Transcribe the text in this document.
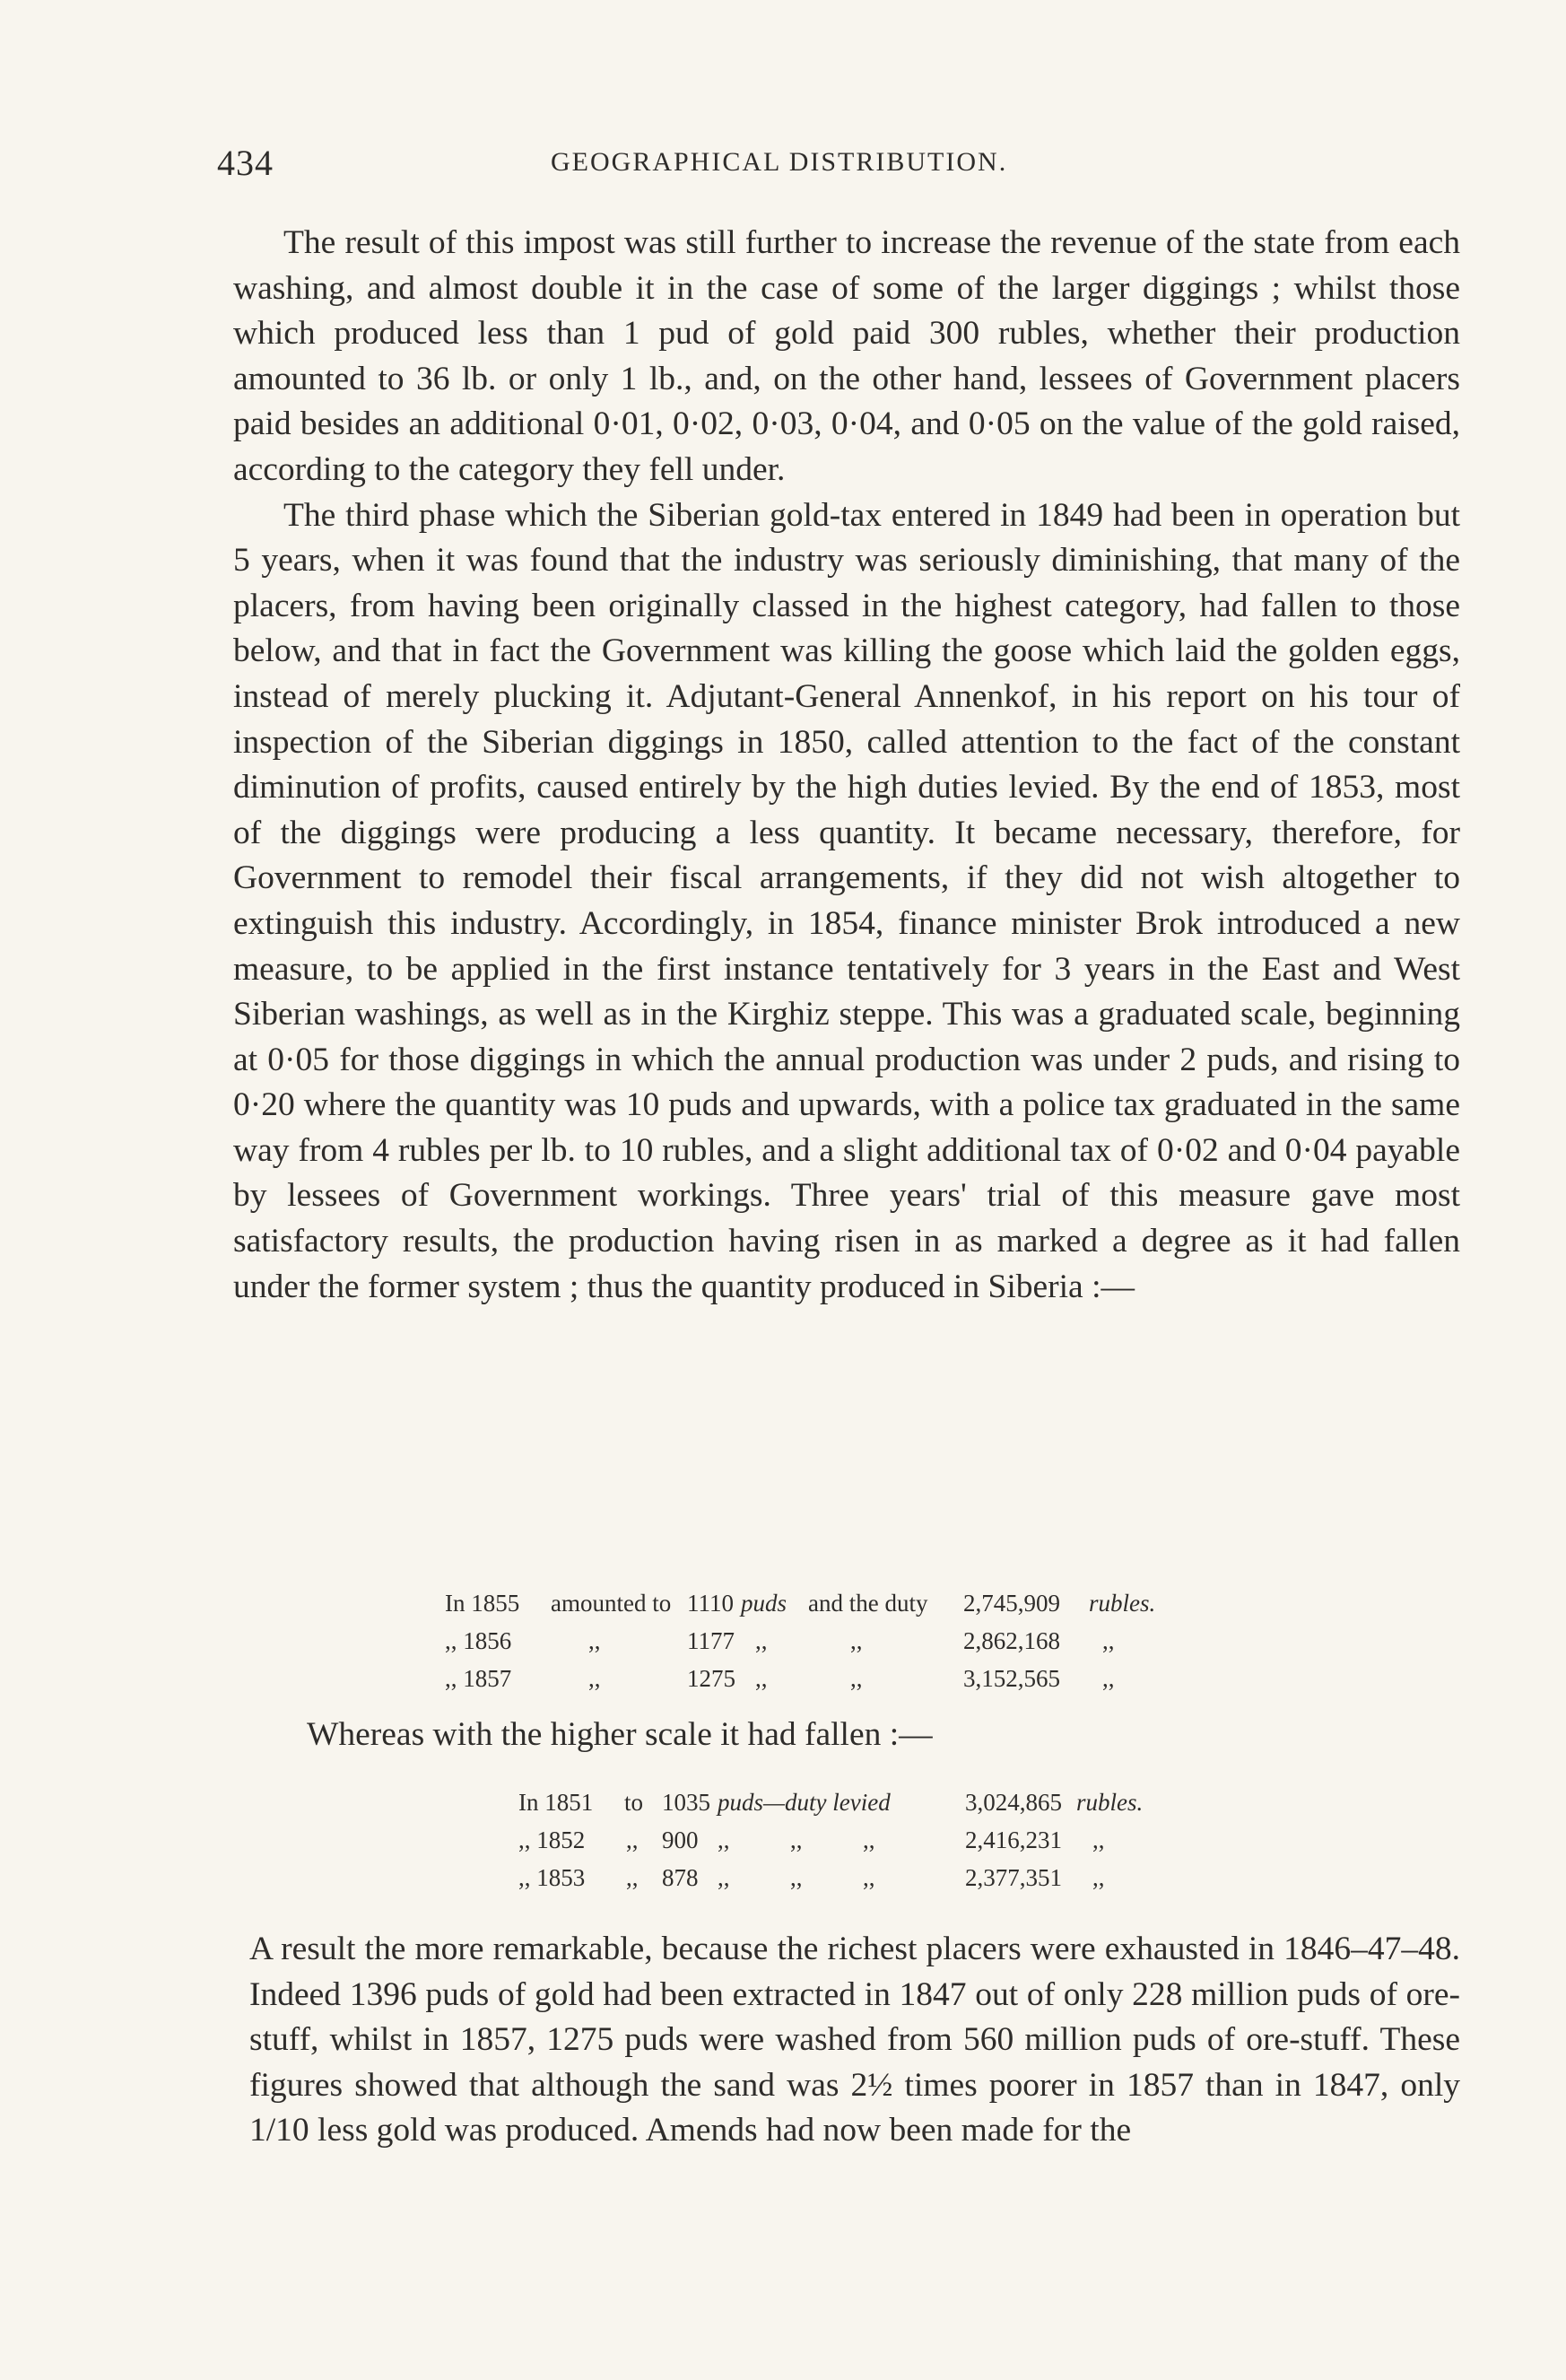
434	GEOGRAPHICAL DISTRIBUTION.

The result of this impost was still further to increase the revenue of the state from each washing, and almost double it in the case of some of the larger diggings ; whilst those which produced less than 1 pud of gold paid 300 rubles, whether their production amounted to 36 lb. or only 1 lb., and, on the other hand, lessees of Government placers paid besides an additional 0·01, 0·02, 0·03, 0·04, and 0·05 on the value of the gold raised, according to the category they fell under.

The third phase which the Siberian gold-tax entered in 1849 had been in operation but 5 years, when it was found that the industry was seriously diminishing, that many of the placers, from having been originally classed in the highest category, had fallen to those below, and that in fact the Government was killing the goose which laid the golden eggs, instead of merely plucking it. Adjutant-General Annenkof, in his report on his tour of inspection of the Siberian diggings in 1850, called attention to the fact of the constant diminution of profits, caused entirely by the high duties levied. By the end of 1853, most of the diggings were producing a less quantity. It became necessary, therefore, for Government to remodel their fiscal arrangements, if they did not wish altogether to extinguish this industry. Accordingly, in 1854, finance minister Brok introduced a new measure, to be applied in the first instance tentatively for 3 years in the East and West Siberian washings, as well as in the Kirghiz steppe. This was a graduated scale, beginning at 0·05 for those diggings in which the annual production was under 2 puds, and rising to 0·20 where the quantity was 10 puds and upwards, with a police tax graduated in the same way from 4 rubles per lb. to 10 rubles, and a slight additional tax of 0·02 and 0·04 payable by lessees of Government workings. Three years' trial of this measure gave most satisfactory results, the production having risen in as marked a degree as it had fallen under the former system ; thus the quantity produced in Siberia :—

In 1855 amounted to 1110 puds and the duty 2,745,909 rubles.
,, 1856	,,	1177 ,,	,,	2,862,168 ,,
,, 1857	,,	1275 ,,	,,	3,152,565 ,,
Whereas with the higher scale it had fallen :—
In 1851 to 1035 puds—duty levied	3,024,865 rubles.
,, 1852 ,, 900 ,,          ,,          ,,	2,416,231 ,,
,, 1853 ,, 878 ,,          ,,          ,,	2,377,351 ,,

A result the more remarkable, because the richest placers were exhausted in 1846–47–48. Indeed 1396 puds of gold had been extracted in 1847 out of only 228 million puds of ore-stuff, whilst in 1857, 1275 puds were washed from 560 million puds of ore-stuff. These figures showed that although the sand was 2½ times poorer in 1857 than in 1847, only 1/10 less gold was produced. Amends had now been made for the
